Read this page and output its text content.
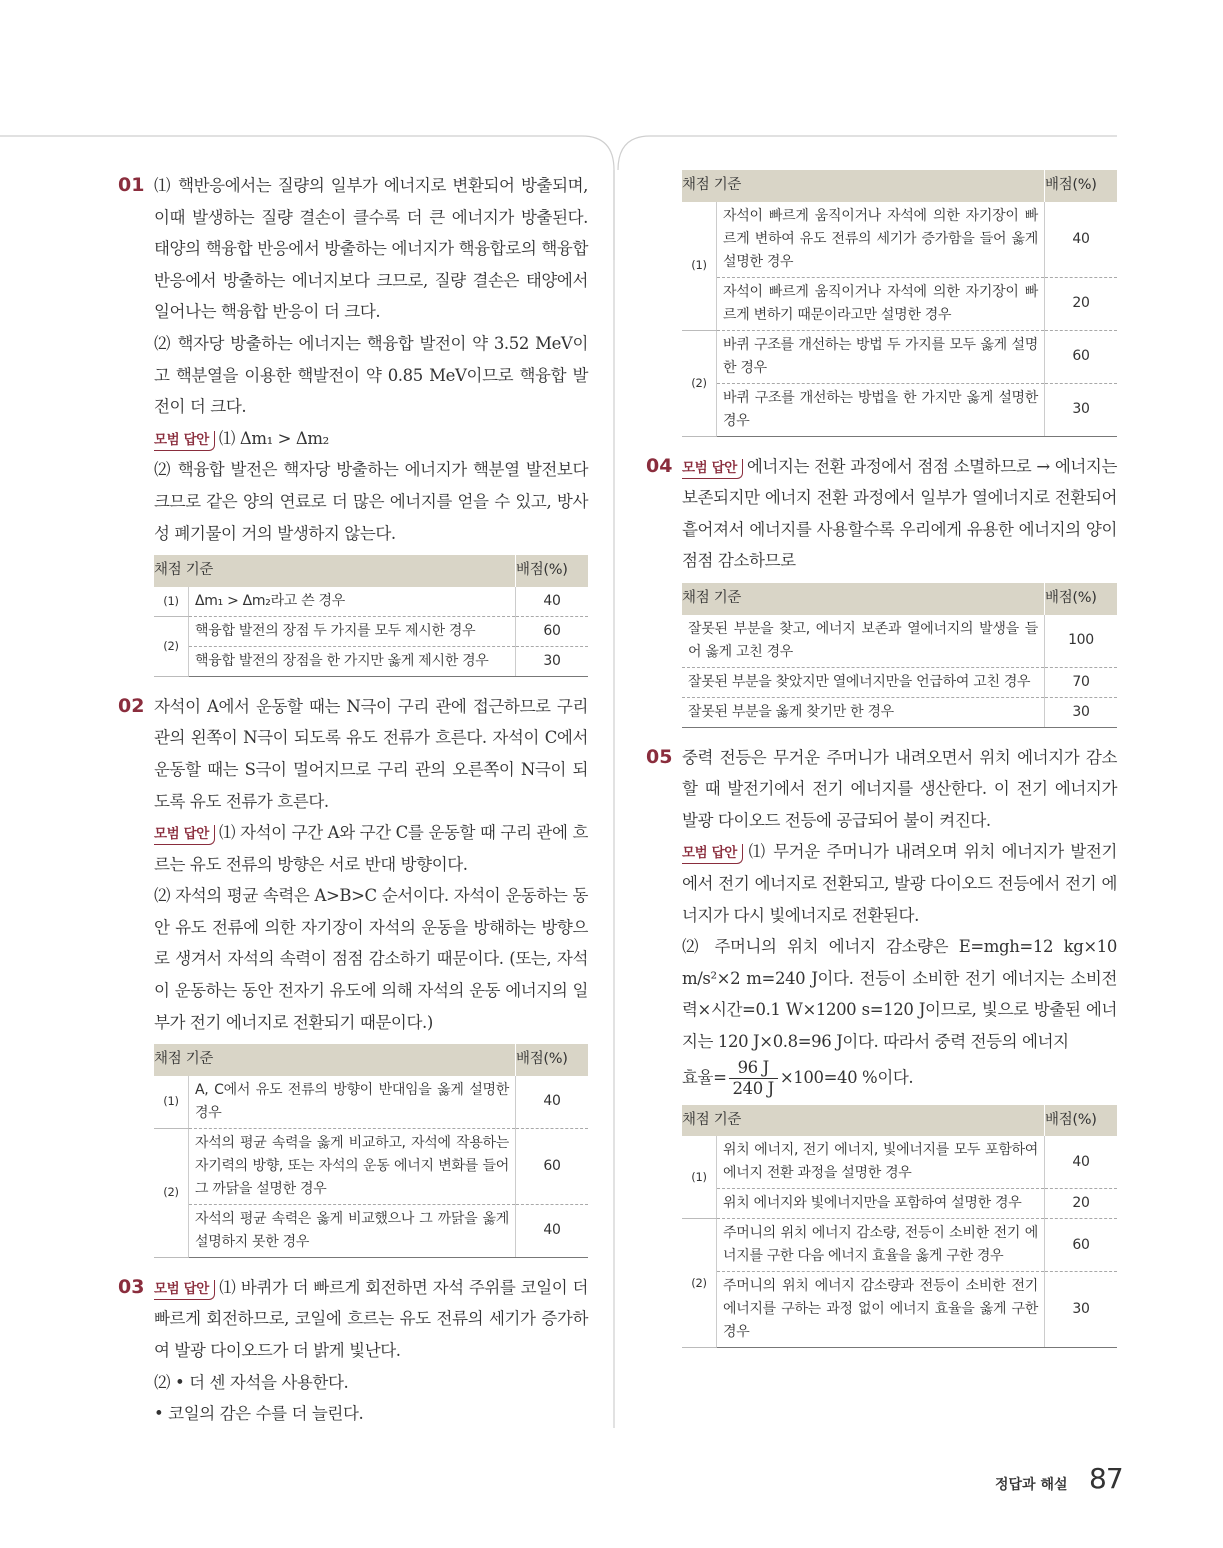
01 ⑴ 핵반응에서는 질량의 일부가 에너지로 변환되어 방출되며, 이때 발생하는 질량 결손이 클수록 더 큰 에너지가 방출된다. 태양의 핵융합 반응에서 방출하는 에너지가 핵융합로의 핵융합 반응에서 방출하는 에너지보다 크므로, 질량 결손은 태양에서 일어나는 핵융합 반응이 더 크다.

⑵ 핵자당 방출하는 에너지는 핵융합 발전이 약 3.52 MeV이고 핵분열을 이용한 핵발전이 약 0.85 MeV이므로 핵융합 발전이 더 크다.

모범 답안 ⑴ Δm₁ > Δm₂

⑵ 핵융합 발전은 핵자당 방출하는 에너지가 핵분열 발전보다 크므로 같은 양의 연료로 더 많은 에너지를 얻을 수 있고, 방사성 폐기물이 거의 발생하지 않는다.

채점 기준		배점(%)
(1)	Δm₁ > Δm₂라고 쓴 경우	40
(2)	핵융합 발전의 장점 두 가지를 모두 제시한 경우	60
	핵융합 발전의 장점을 한 가지만 옳게 제시한 경우	30
02 자석이 A에서 운동할 때는 N극이 구리 관에 접근하므로 구리 관의 왼쪽이 N극이 되도록 유도 전류가 흐른다. 자석이 C에서 운동할 때는 S극이 멀어지므로 구리 관의 오른쪽이 N극이 되도록 유도 전류가 흐른다.

모범 답안 ⑴ 자석이 구간 A와 구간 C를 운동할 때 구리 관에 흐르는 유도 전류의 방향은 서로 반대 방향이다.

⑵ 자석의 평균 속력은 A>B>C 순서이다. 자석이 운동하는 동안 유도 전류에 의한 자기장이 자석의 운동을 방해하는 방향으로 생겨서 자석의 속력이 점점 감소하기 때문이다. (또는, 자석이 운동하는 동안 전자기 유도에 의해 자석의 운동 에너지의 일부가 전기 에너지로 전환되기 때문이다.)

채점 기준		배점(%)
(1)	A, C에서 유도 전류의 방향이 반대임을 옳게 설명한 경우	40
(2)	자석의 평균 속력을 옳게 비교하고, 자석에 작용하는 자기력의 방향, 또는 자석의 운동 에너지 변화를 들어 그 까닭을 설명한 경우	60
	자석의 평균 속력은 옳게 비교했으나 그 까닭을 옳게 설명하지 못한 경우	40
03 모범 답안 ⑴ 바퀴가 더 빠르게 회전하면 자석 주위를 코일이 더 빠르게 회전하므로, 코일에 흐르는 유도 전류의 세기가 증가하여 발광 다이오드가 더 밝게 빛난다.

⑵ • 더 센 자석을 사용한다.

• 코일의 감은 수를 더 늘린다.

채점 기준		배점(%)
(1)	자석이 빠르게 움직이거나 자석에 의한 자기장이 빠르게 변하여 유도 전류의 세기가 증가함을 들어 옳게 설명한 경우	40
	자석이 빠르게 움직이거나 자석에 의한 자기장이 빠르게 변하기 때문이라고만 설명한 경우	20
(2)	바퀴 구조를 개선하는 방법 두 가지를 모두 옳게 설명한 경우	60
	바퀴 구조를 개선하는 방법을 한 가지만 옳게 설명한 경우	30
04 모범 답안 에너지는 전환 과정에서 점점 소멸하므로 → 에너지는 보존되지만 에너지 전환 과정에서 일부가 열에너지로 전환되어 흩어져서 에너지를 사용할수록 우리에게 유용한 에너지의 양이 점점 감소하므로

채점 기준	배점(%)
잘못된 부분을 찾고, 에너지 보존과 열에너지의 발생을 들어 옳게 고친 경우	100
잘못된 부분을 찾았지만 열에너지만을 언급하여 고친 경우	70
잘못된 부분을 옳게 찾기만 한 경우	30
05 중력 전등은 무거운 주머니가 내려오면서 위치 에너지가 감소할 때 발전기에서 전기 에너지를 생산한다. 이 전기 에너지가 발광 다이오드 전등에 공급되어 불이 켜진다.

모범 답안 ⑴ 무거운 주머니가 내려오며 위치 에너지가 발전기에서 전기 에너지로 전환되고, 발광 다이오드 전등에서 전기 에너지가 다시 빛에너지로 전환된다.

⑵ 주머니의 위치 에너지 감소량은 E=mgh=12 kg×10 m/s²×2 m=240 J이다. 전등이 소비한 전기 에너지는 소비전력×시간=0.1 W×1200 s=120 J이므로, 빛으로 방출된 에너지는 120 J×0.8=96 J이다. 따라서 중력 전등의 에너지

효율= $\frac{96 J}{240 J} \times 100=40$ %이다.

채점 기준		배점(%)
(1)	위치 에너지, 전기 에너지, 빛에너지를 모두 포함하여 에너지 전환 과정을 설명한 경우	40
	위치 에너지와 빛에너지만을 포함하여 설명한 경우	20
(2)	주머니의 위치 에너지 감소량, 전등이 소비한 전기 에너지를 구한 다음 에너지 효율을 옳게 구한 경우	60
	주머니의 위치 에너지 감소량과 전등이 소비한 전기 에너지를 구하는 과정 없이 에너지 효율을 옳게 구한 경우	30
정답과 해설 87
